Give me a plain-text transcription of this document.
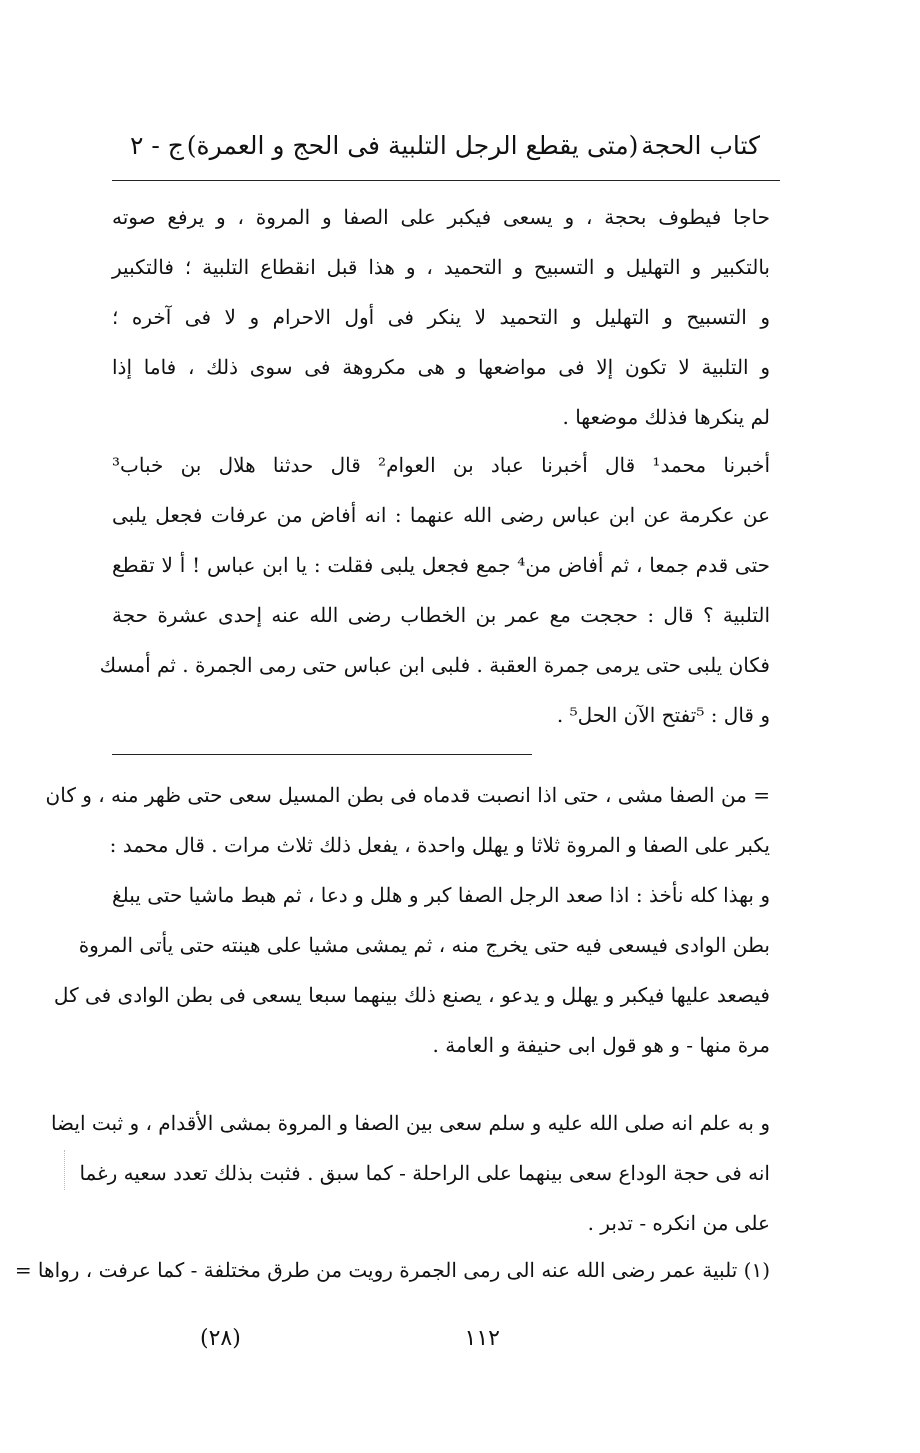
كتاب الحجة
(متى يقطع الرجل التلبية فى الحج و العمرة)
ج - ٢
حاجا فيطوف بحجة ، و يسعى فيكبر على الصفا و المروة ، و يرفع صوته
بالتكبير و التهليل و التسبيح و التحميد ، و هذا قبل انقطاع التلبية ؛ فالتكبير
و التسبيح و التهليل و التحميد لا ينكر فى أول الاحرام و لا فى آخره ؛
و التلبية لا تكون إلا فى مواضعها و هى مكروهة فى سوى ذلك ، فاما إذا
لم ينكرها فذلك موضعها .
أخبرنا محمد¹ قال أخبرنا عباد بن العوام² قال حدثنا هلال بن خباب³
عن عكرمة عن ابن عباس رضى الله عنهما : انه أفاض من عرفات فجعل يلبى
حتى قدم جمعا ، ثم أفاض من⁴ جمع فجعل يلبى فقلت : يا ابن عباس ! أ لا تقطع
التلبية ؟ قال : حججت مع عمر بن الخطاب رضى الله عنه إحدى عشرة حجة
فكان يلبى حتى يرمى جمرة العقبة . فلبى ابن عباس حتى رمى الجمرة . ثم أمسك
و قال : ⁵تفتح الآن الحل⁵ .
= من الصفا مشى ، حتى اذا انصبت قدماه فى بطن المسيل سعى حتى ظهر منه ، و كان
يكبر على الصفا و المروة ثلاثا و يهلل واحدة ، يفعل ذلك ثلاث مرات . قال محمد :
و بهذا كله نأخذ : اذا صعد الرجل الصفا كبر و هلل و دعا ، ثم هبط ماشيا حتى يبلغ
بطن الوادى فيسعى فيه حتى يخرج منه ، ثم يمشى مشيا على هينته حتى يأتى المروة
فيصعد عليها فيكبر و يهلل و يدعو ، يصنع ذلك بينهما سبعا يسعى فى بطن الوادى فى كل
مرة منها - و هو قول ابى حنيفة و العامة .
و به علم انه صلى الله عليه و سلم سعى بين الصفا و المروة بمشى الأقدام ، و ثبت ايضا
انه فى حجة الوداع سعى بينهما على الراحلة - كما سبق . فثبت بذلك تعدد سعيه رغما
على من انكره - تدبر .
(١) تلبية عمر رضى الله عنه الى رمى الجمرة رويت من طرق مختلفة - كما عرفت ، رواها =
(٢٨)	١١٢
